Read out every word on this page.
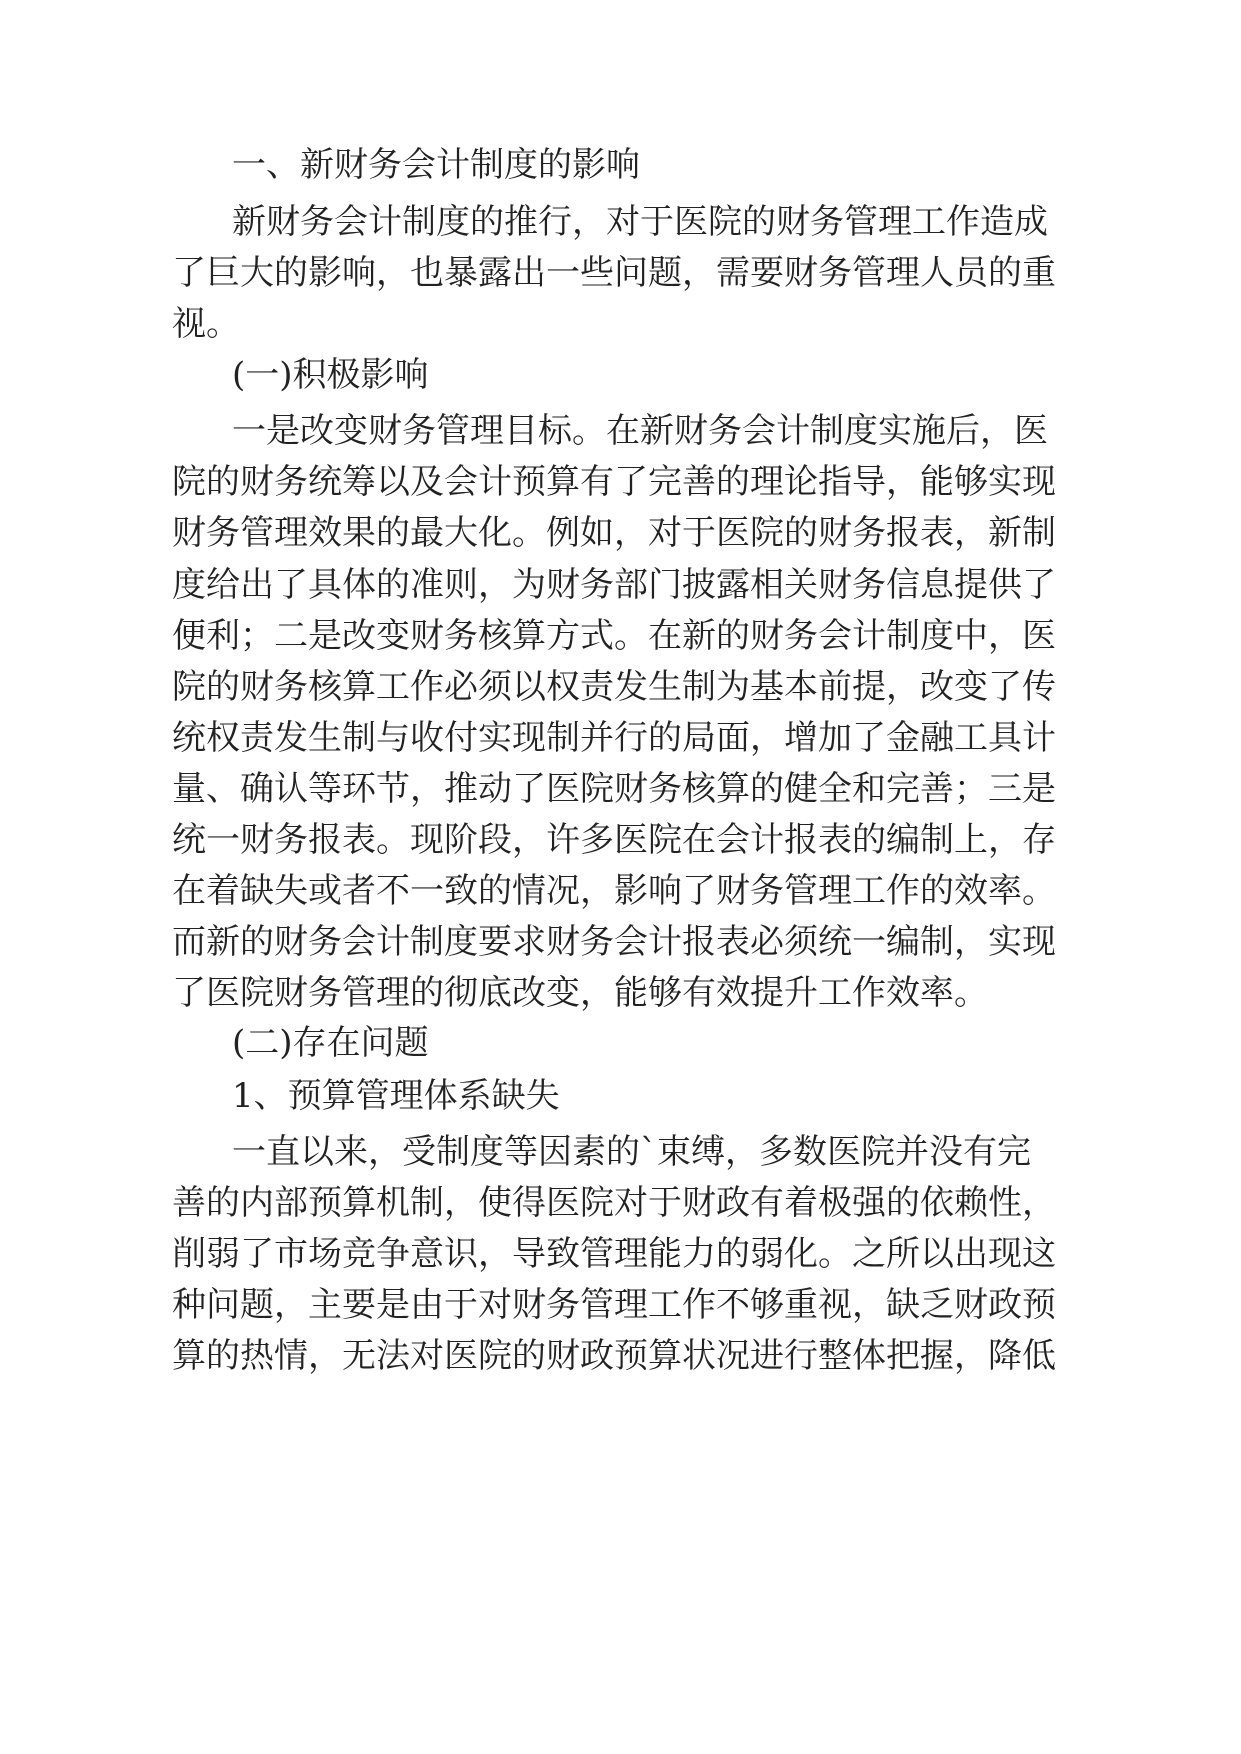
一、新财务会计制度的影响
新财务会计制度的推行，对于医院的财务管理工作造成
了巨大的影响，也暴露出一些问题，需要财务管理人员的重
视。
(一)积极影响
一是改变财务管理目标。在新财务会计制度实施后，医
院的财务统筹以及会计预算有了完善的理论指导，能够实现
财务管理效果的最大化。例如，对于医院的财务报表，新制
度给出了具体的准则，为财务部门披露相关财务信息提供了
便利；二是改变财务核算方式。在新的财务会计制度中，医
院的财务核算工作必须以权责发生制为基本前提，改变了传
统权责发生制与收付实现制并行的局面，增加了金融工具计
量、确认等环节，推动了医院财务核算的健全和完善；三是
统一财务报表。现阶段，许多医院在会计报表的编制上，存
在着缺失或者不一致的情况，影响了财务管理工作的效率。
而新的财务会计制度要求财务会计报表必须统一编制，实现
了医院财务管理的彻底改变，能够有效提升工作效率。
(二)存在问题
1、预算管理体系缺失
一直以来，受制度等因素的`束缚，多数医院并没有完
善的内部预算机制，使得医院对于财政有着极强的依赖性，
削弱了市场竞争意识，导致管理能力的弱化。之所以出现这
种问题，主要是由于对财务管理工作不够重视，缺乏财政预
算的热情，无法对医院的财政预算状况进行整体把握，降低
